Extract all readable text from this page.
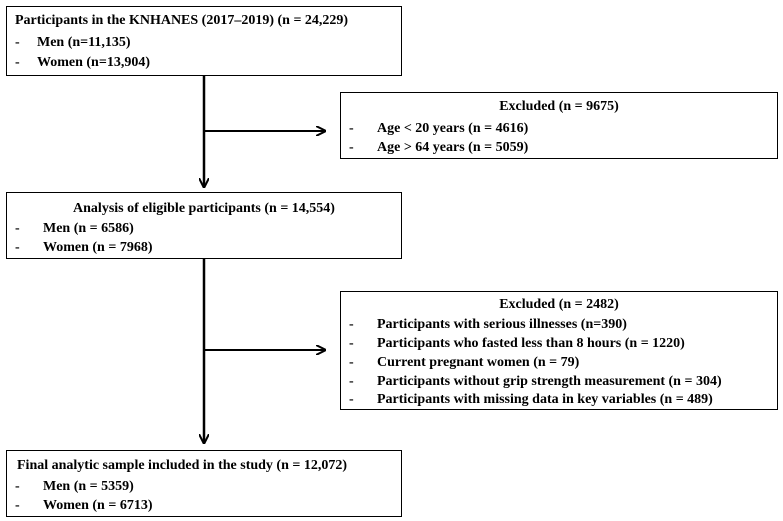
Participants in the KNHANES (2017‒2019) (n = 24,229)
- Men (n=11,135)
- Women (n=13,904)
Excluded (n = 9675)
- Age < 20 years (n = 4616)
- Age > 64 years (n = 5059)
Analysis of eligible participants (n = 14,554)
- Men (n = 6586)
- Women (n = 7968)
Excluded (n = 2482)
- Participants with serious illnesses (n=390)
- Participants who fasted less than 8 hours (n = 1220)
- Current pregnant women (n = 79)
- Participants without grip strength measurement (n = 304)
- Participants with missing data in key variables (n = 489)
Final analytic sample included in the study (n = 12,072)
- Men (n = 5359)
- Women (n = 6713)
